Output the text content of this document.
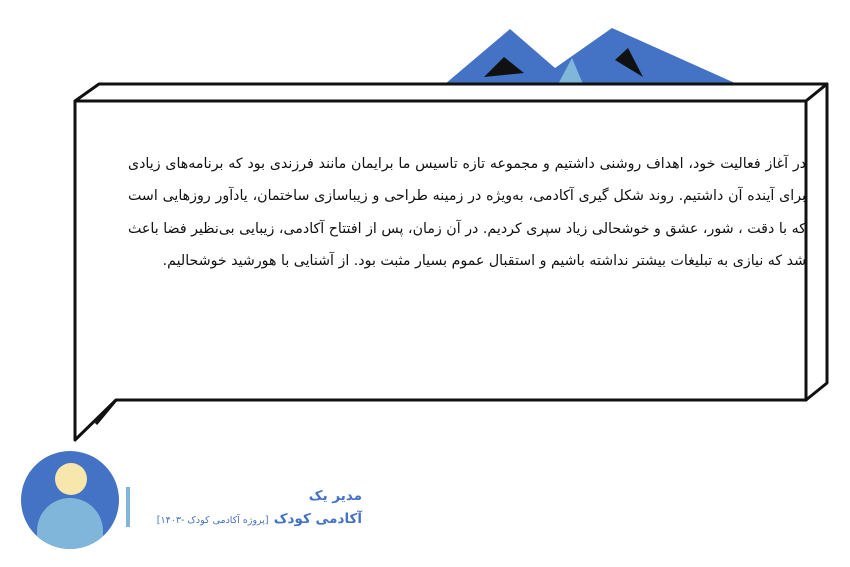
در آغاز فعالیت خود، اهداف روشنی داشتیم و مجموعه تازه تاسیس ما برایمان مانند فرزندی بود که برنامه‌های زیادی برای آینده آن داشتیم. روند شکل گیری آکادمی، به‌ویژه در زمینه طراحی و زیباسازی ساختمان، یادآور روزهایی است که با دقت ، شور، عشق و خوشحالی زیاد سپری کردیم. در آن زمان، پس از افتتاح آکادمی، زیبایی بی‌نظیر فضا باعث شد که نیازی به تبلیغات بیشتر نداشته باشیم و استقبال عموم بسیار مثبت بود. از آشنایی با هورشید خوشحالیم.

مدیر یک
آکادمی کودک [پروژه آکادمی کودک -۱۴۰۳]
